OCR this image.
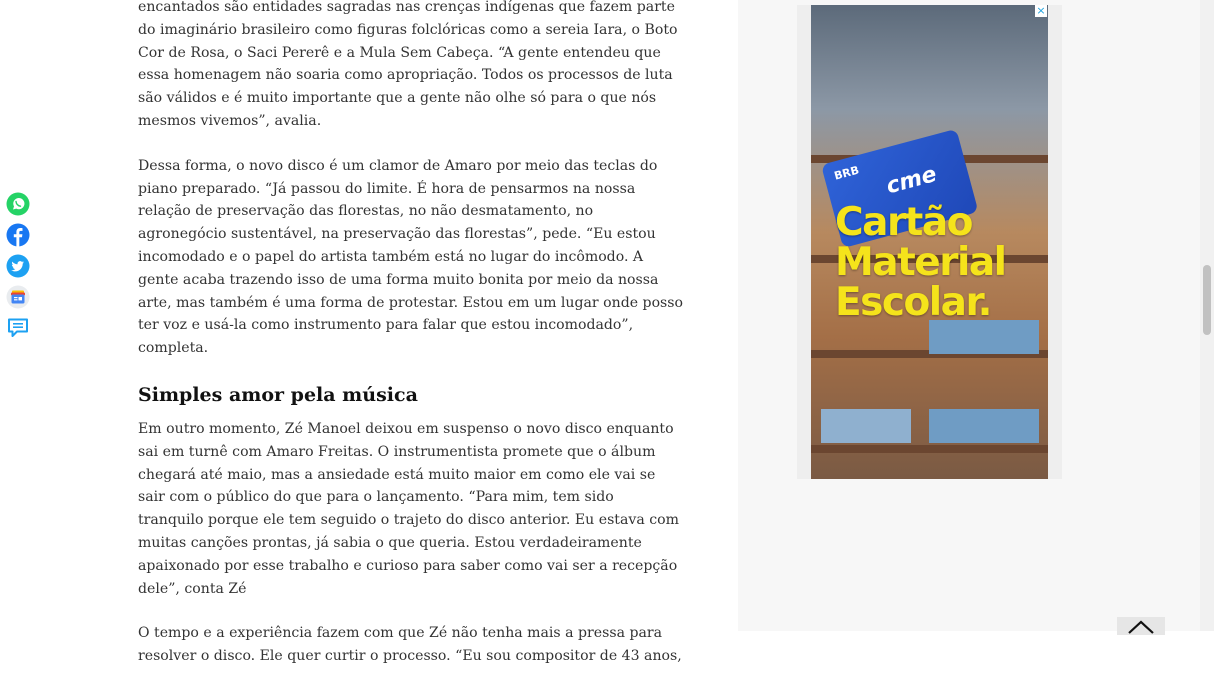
encantados são entidades sagradas nas crenças indígenas que fazem parte do imaginário brasileiro como figuras folclóricas como a sereia Iara, o Boto Cor de Rosa, o Saci Pererê e a Mula Sem Cabeça. “A gente entendeu que essa homenagem não soaria como apropriação. Todos os processos de luta são válidos e é muito importante que a gente não olhe só para o que nós mesmos vivemos”, avalia.

Dessa forma, o novo disco é um clamor de Amaro por meio das teclas do piano preparado. “Já passou do limite. É hora de pensarmos na nossa relação de preservação das florestas, no não desmatamento, no agronegócio sustentável, na preservação das florestas”, pede. “Eu estou incomodado e o papel do artista também está no lugar do incômodo. A gente acaba trazendo isso de uma forma muito bonita por meio da nossa arte, mas também é uma forma de protestar. Estou em um lugar onde posso ter voz e usá-la como instrumento para falar que estou incomodado”, completa.

Simples amor pela música

Em outro momento, Zé Manoel deixou em suspenso o novo disco enquanto sai em turnê com Amaro Freitas. O instrumentista promete que o álbum chegará até maio, mas a ansiedade está muito maior em como ele vai se sair com o público do que para o lançamento. “Para mim, tem sido tranquilo porque ele tem seguido o trajeto do disco anterior. Eu estava com muitas canções prontas, já sabia o que queria. Estou verdadeiramente apaixonado por esse trabalho e curioso para saber como vai ser a recepção dele”, conta Zé

O tempo e a experiência fazem com que Zé não tenha mais a pressa para resolver o disco. Ele quer curtir o processo. “Eu sou compositor de 43 anos,

BRB cme
Cartão
Material
Escolar.
×
